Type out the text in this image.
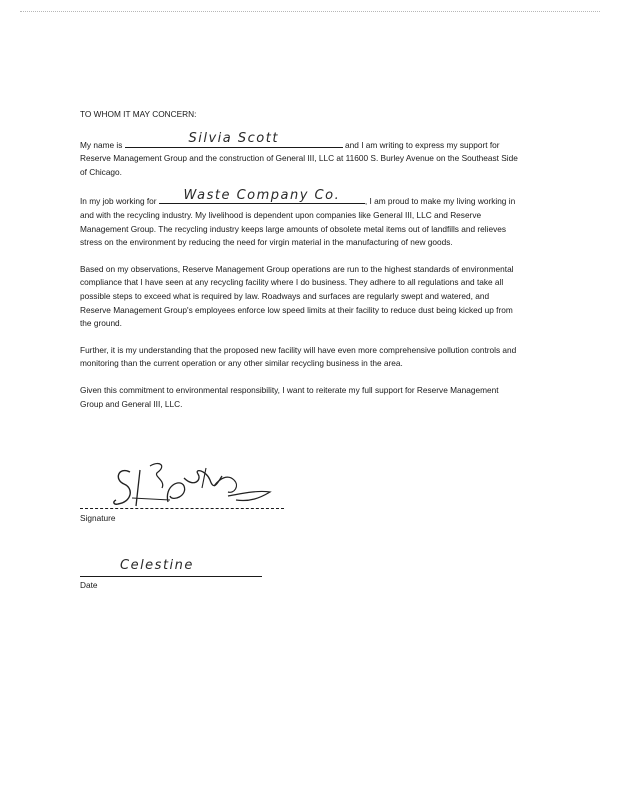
TO WHOM IT MAY CONCERN:

My name is	Silvia Scott	and I am writing to express my support for Reserve Management Group and the construction of General III, LLC at 11600 S. Burley Avenue on the Southeast Side of Chicago.

In my job working for	Waste Company Co.	, I am proud to make my living working in and with the recycling industry. My livelihood is dependent upon companies like General III, LLC and Reserve Management Group. The recycling industry keeps large amounts of obsolete metal items out of landfills and relieves stress on the environment by reducing the need for virgin material in the manufacturing of new goods.

Based on my observations, Reserve Management Group operations are run to the highest standards of environmental compliance that I have seen at any recycling facility where I do business. They adhere to all regulations and take all possible steps to exceed what is required by law. Roadways and surfaces are regularly swept and watered, and Reserve Management Group's employees enforce low speed limits at their facility to reduce dust being kicked up from the ground.

Further, it is my understanding that the proposed new facility will have even more comprehensive pollution controls and monitoring than the current operation or any other similar recycling business in the area.

Given this commitment to environmental responsibility, I want to reiterate my full support for Reserve Management Group and General III, LLC.

Signature
Celestine
Date
